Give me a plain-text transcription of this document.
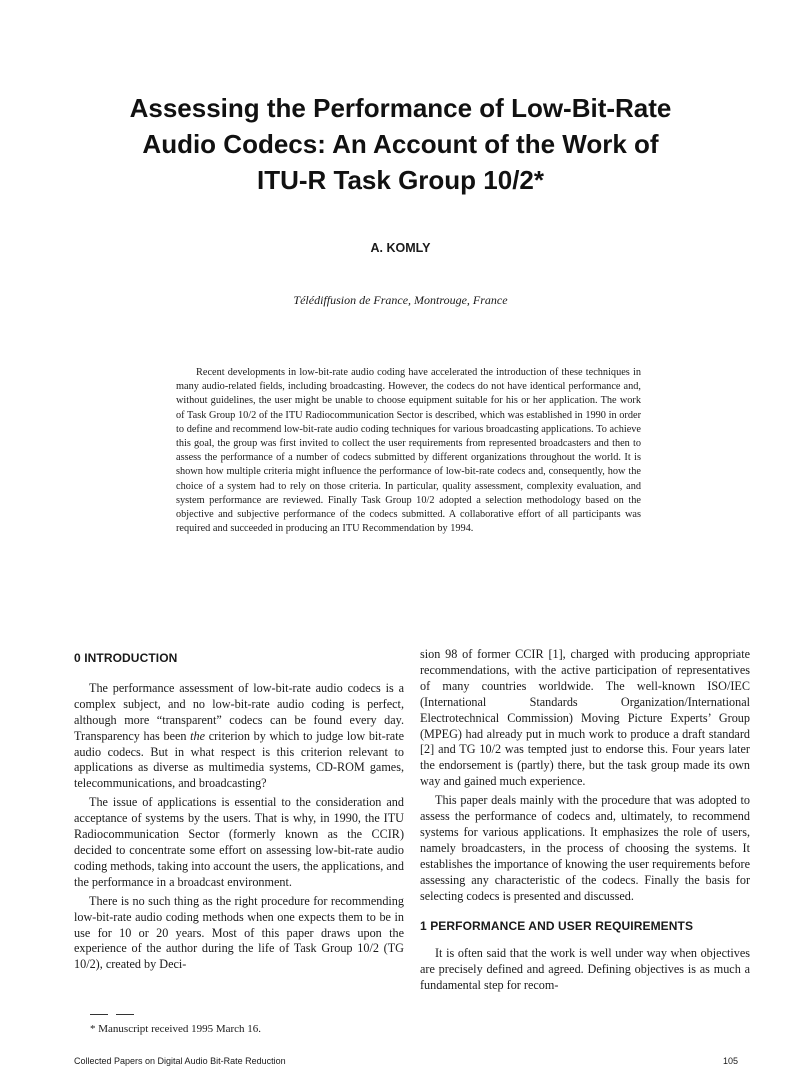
Assessing the Performance of Low-Bit-Rate
Audio Codecs: An Account of the Work of
ITU-R Task Group 10/2*
A. KOMLY
Télédiffusion de France, Montrouge, France

Recent developments in low-bit-rate audio coding have accelerated the introduction of these techniques in many audio-related fields, including broadcasting. However, the codecs do not have identical performance and, without guidelines, the user might be unable to choose equipment suitable for his or her application. The work of Task Group 10/2 of the ITU Radiocommunication Sector is described, which was established in 1990 in order to define and recommend low-bit-rate audio coding techniques for various broadcasting applications. To achieve this goal, the group was first invited to collect the user requirements from represented broadcasters and then to assess the performance of a number of codecs submitted by different organizations throughout the world. It is shown how multiple criteria might influence the performance of low-bit-rate codecs and, consequently, how the choice of a system had to rely on those criteria. In particular, quality assessment, complexity evaluation, and system performance are reviewed. Finally Task Group 10/2 adopted a selection methodology based on the objective and subjective performance of the codecs submitted. A collaborative effort of all participants was required and succeeded in producing an ITU Recommendation by 1994.

0 INTRODUCTION

The performance assessment of low-bit-rate audio codecs is a complex subject, and no low-bit-rate audio coding is perfect, although more “transparent” codecs can be found every day. Transparency has been the criterion by which to judge low bit-rate audio codecs. But in what respect is this criterion relevant to applications as diverse as multimedia systems, CD-ROM games, telecommunications, and broadcasting?

The issue of applications is essential to the consideration and acceptance of systems by the users. That is why, in 1990, the ITU Radiocommunication Sector (formerly known as the CCIR) decided to concentrate some effort on assessing low-bit-rate audio coding methods, taking into account the users, the applications, and the performance in a broadcast environment.

There is no such thing as the right procedure for recommending low-bit-rate audio coding methods when one expects them to be in use for 10 or 20 years. Most of this paper draws upon the experience of the author during the life of Task Group 10/2 (TG 10/2), created by Deci-

sion 98 of former CCIR [1], charged with producing appropriate recommendations, with the active participation of representatives of many countries worldwide. The well-known ISO/IEC (International Standards Organization/International Electrotechnical Commission) Moving Picture Experts’ Group (MPEG) had already put in much work to produce a draft standard [2] and TG 10/2 was tempted just to endorse this. Four years later the endorsement is (partly) there, but the task group made its own way and gained much experience.

This paper deals mainly with the procedure that was adopted to assess the performance of codecs and, ultimately, to recommend systems for various applications. It emphasizes the role of users, namely broadcasters, in the process of choosing the systems. It establishes the importance of knowing the user requirements before assessing any characteristic of the codecs. Finally the basis for selecting codecs is presented and discussed.

1 PERFORMANCE AND USER REQUIREMENTS

It is often said that the work is well under way when objectives are precisely defined and agreed. Defining objectives is as much a fundamental step for recom-

* Manuscript received 1995 March 16.
Collected Papers on Digital Audio Bit-Rate Reduction	105
